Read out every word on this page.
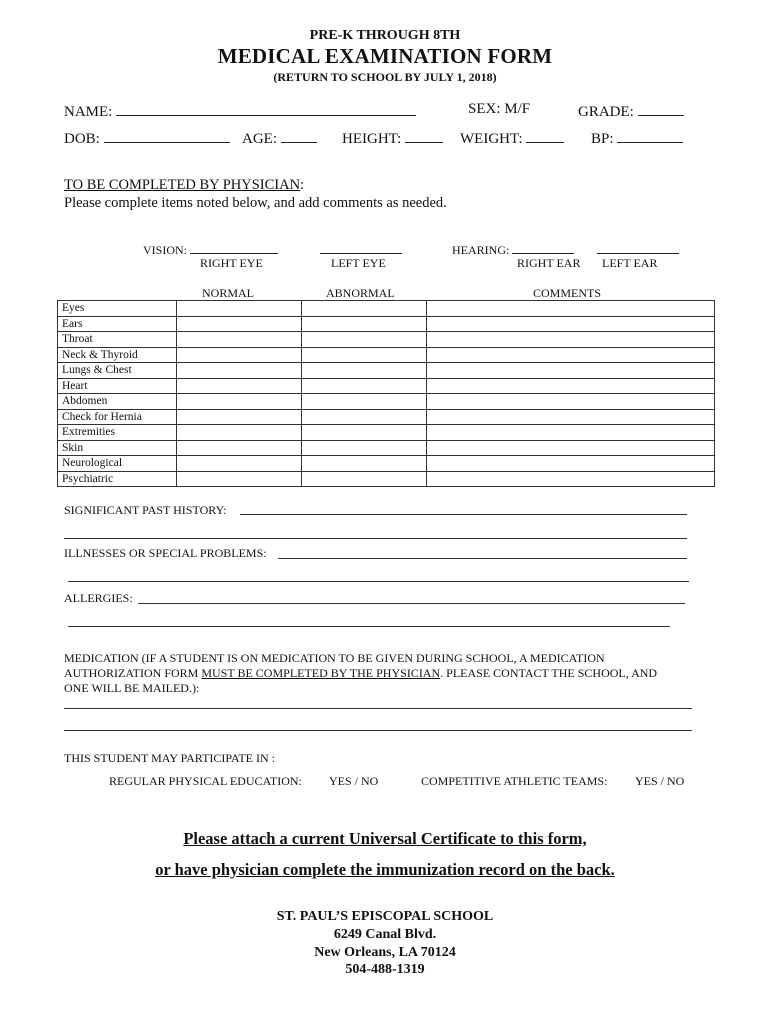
PRE-K THROUGH 8TH
MEDICAL EXAMINATION FORM
(RETURN TO SCHOOL BY JULY 1, 2018)
NAME:	SEX: M/F	GRADE:
DOB:	AGE:	HEIGHT:	WEIGHT:	BP:
TO BE COMPLETED BY PHYSICIAN:
Please complete items noted below, and add comments as needed.
VISION:	HEARING:
RIGHT EYE	LEFT EYE	RIGHT EAR LEFT EAR
NORMAL	ABNORMAL	COMMENTS
Eyes			
Ears			
Throat			
Neck & Thyroid			
Lungs & Chest			
Heart			
Abdomen			
Check for Hernia			
Extremities			
Skin			
Neurological			
Psychiatric			
SIGNIFICANT PAST HISTORY:
ILLNESSES OR SPECIAL PROBLEMS:
ALLERGIES:
MEDICATION (IF A STUDENT IS ON MEDICATION TO BE GIVEN DURING SCHOOL, A MEDICATION
AUTHORIZATION FORM MUST BE COMPLETED BY THE PHYSICIAN. PLEASE CONTACT THE SCHOOL, AND
ONE WILL BE MAILED.):
THIS STUDENT MAY PARTICIPATE IN :
REGULAR PHYSICAL EDUCATION: YES / NO	COMPETITIVE ATHLETIC TEAMS: YES / NO
Please attach a current Universal Certificate to this form,
or have physician complete the immunization record on the back.
ST. PAUL’S EPISCOPAL SCHOOL
6249 Canal Blvd.
New Orleans, LA 70124
504-488-1319
